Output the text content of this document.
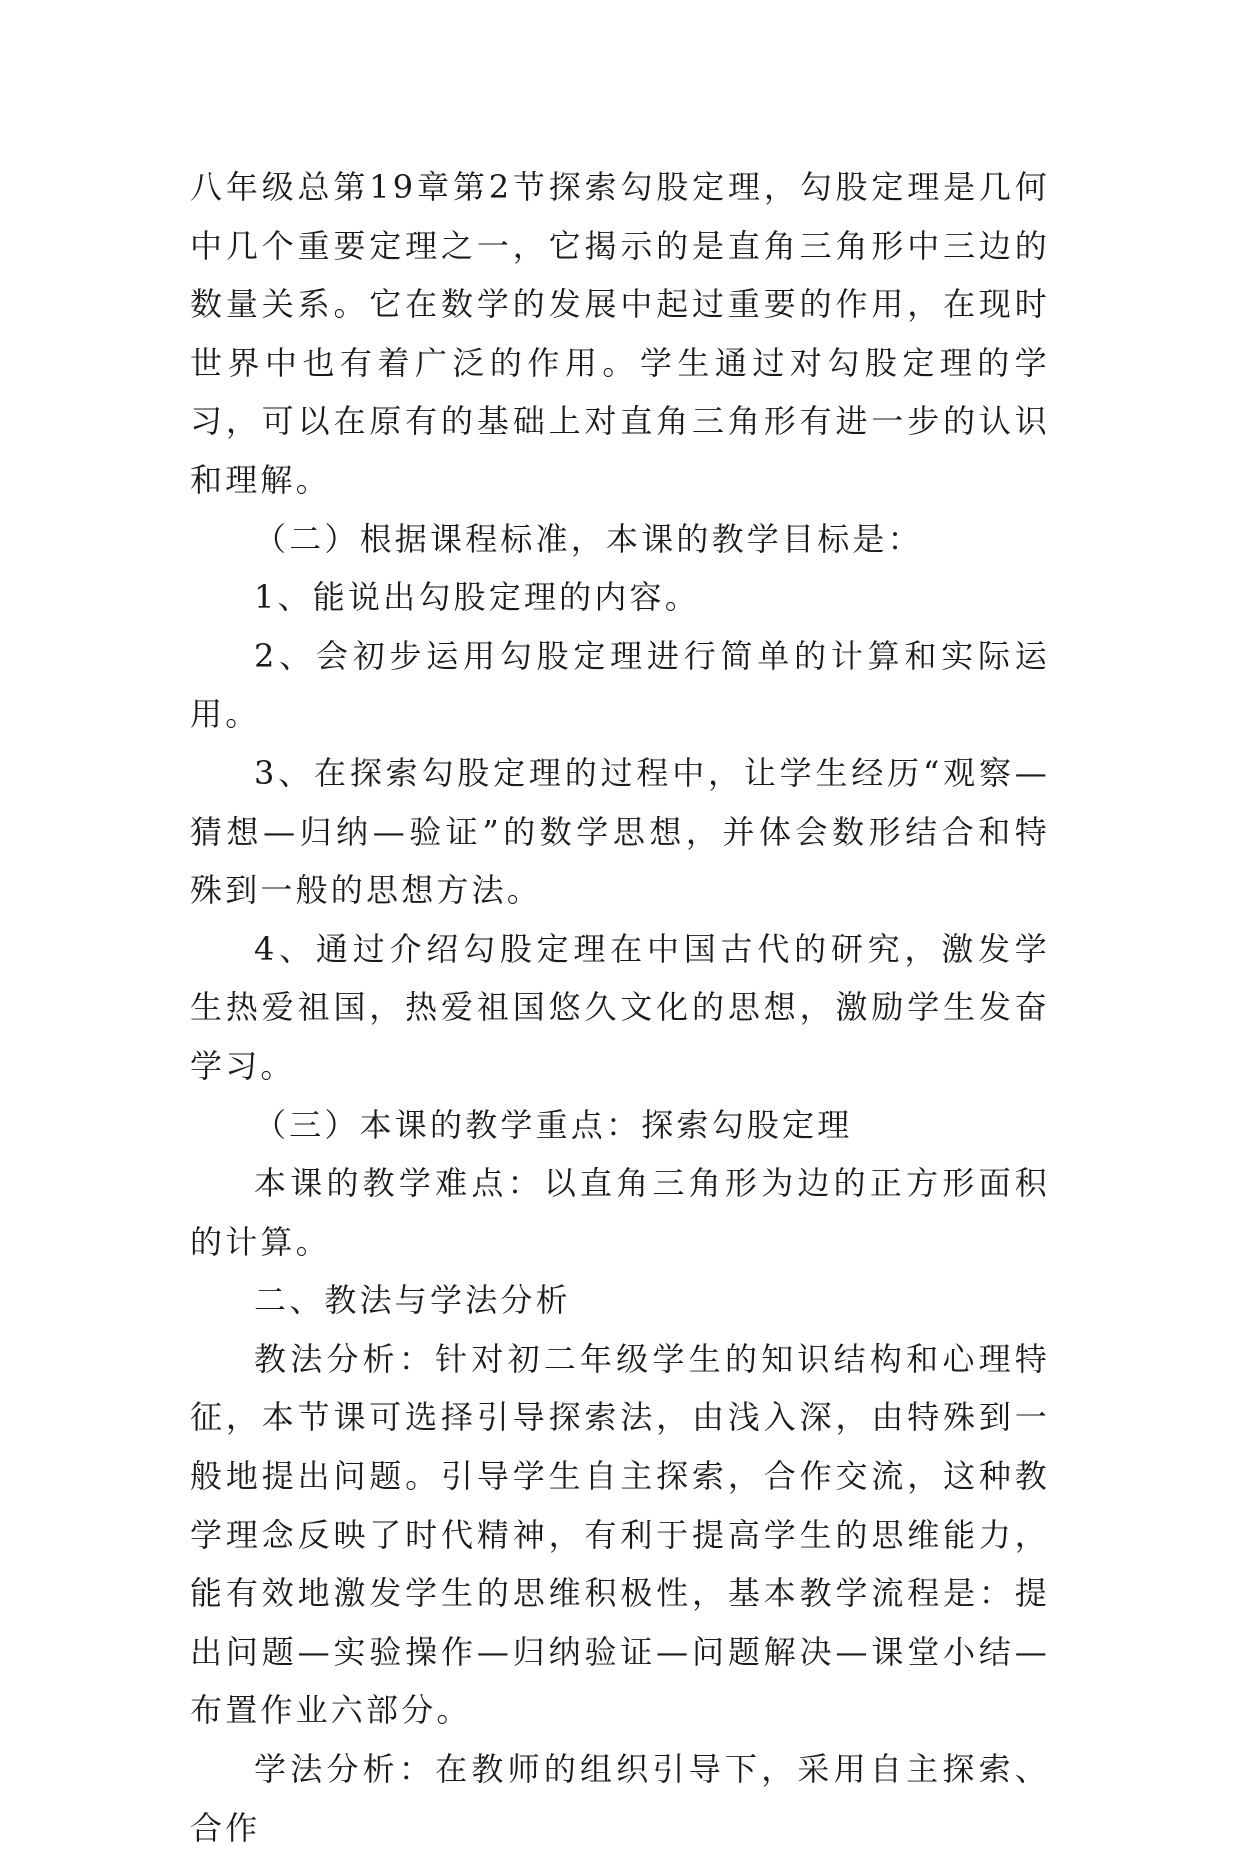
八年级总第19章第2节探索勾股定理，勾股定理是几何中几个重要定理之一，它揭示的是直角三角形中三边的数量关系。它在数学的发展中起过重要的作用，在现时世界中也有着广泛的作用。学生通过对勾股定理的学习，可以在原有的基础上对直角三角形有进一步的认识和理解。

（二）根据课程标准，本课的教学目标是：

1、能说出勾股定理的内容。

2、会初步运用勾股定理进行简单的计算和实际运用。

3、在探索勾股定理的过程中，让学生经历“观察—猜想—归纳—验证”的数学思想，并体会数形结合和特殊到一般的思想方法。

4、通过介绍勾股定理在中国古代的研究，激发学生热爱祖国，热爱祖国悠久文化的思想，激励学生发奋学习。

（三）本课的教学重点：探索勾股定理

本课的教学难点：以直角三角形为边的正方形面积的计算。

二、教法与学法分析

教法分析：针对初二年级学生的知识结构和心理特征，本节课可选择引导探索法，由浅入深，由特殊到一般地提出问题。引导学生自主探索，合作交流，这种教学理念反映了时代精神，有利于提高学生的思维能力，能有效地激发学生的思维积极性，基本教学流程是：提出问题—实验操作—归纳验证—问题解决—课堂小结—布置作业六部分。

学法分析：在教师的组织引导下，采用自主探索、合作
